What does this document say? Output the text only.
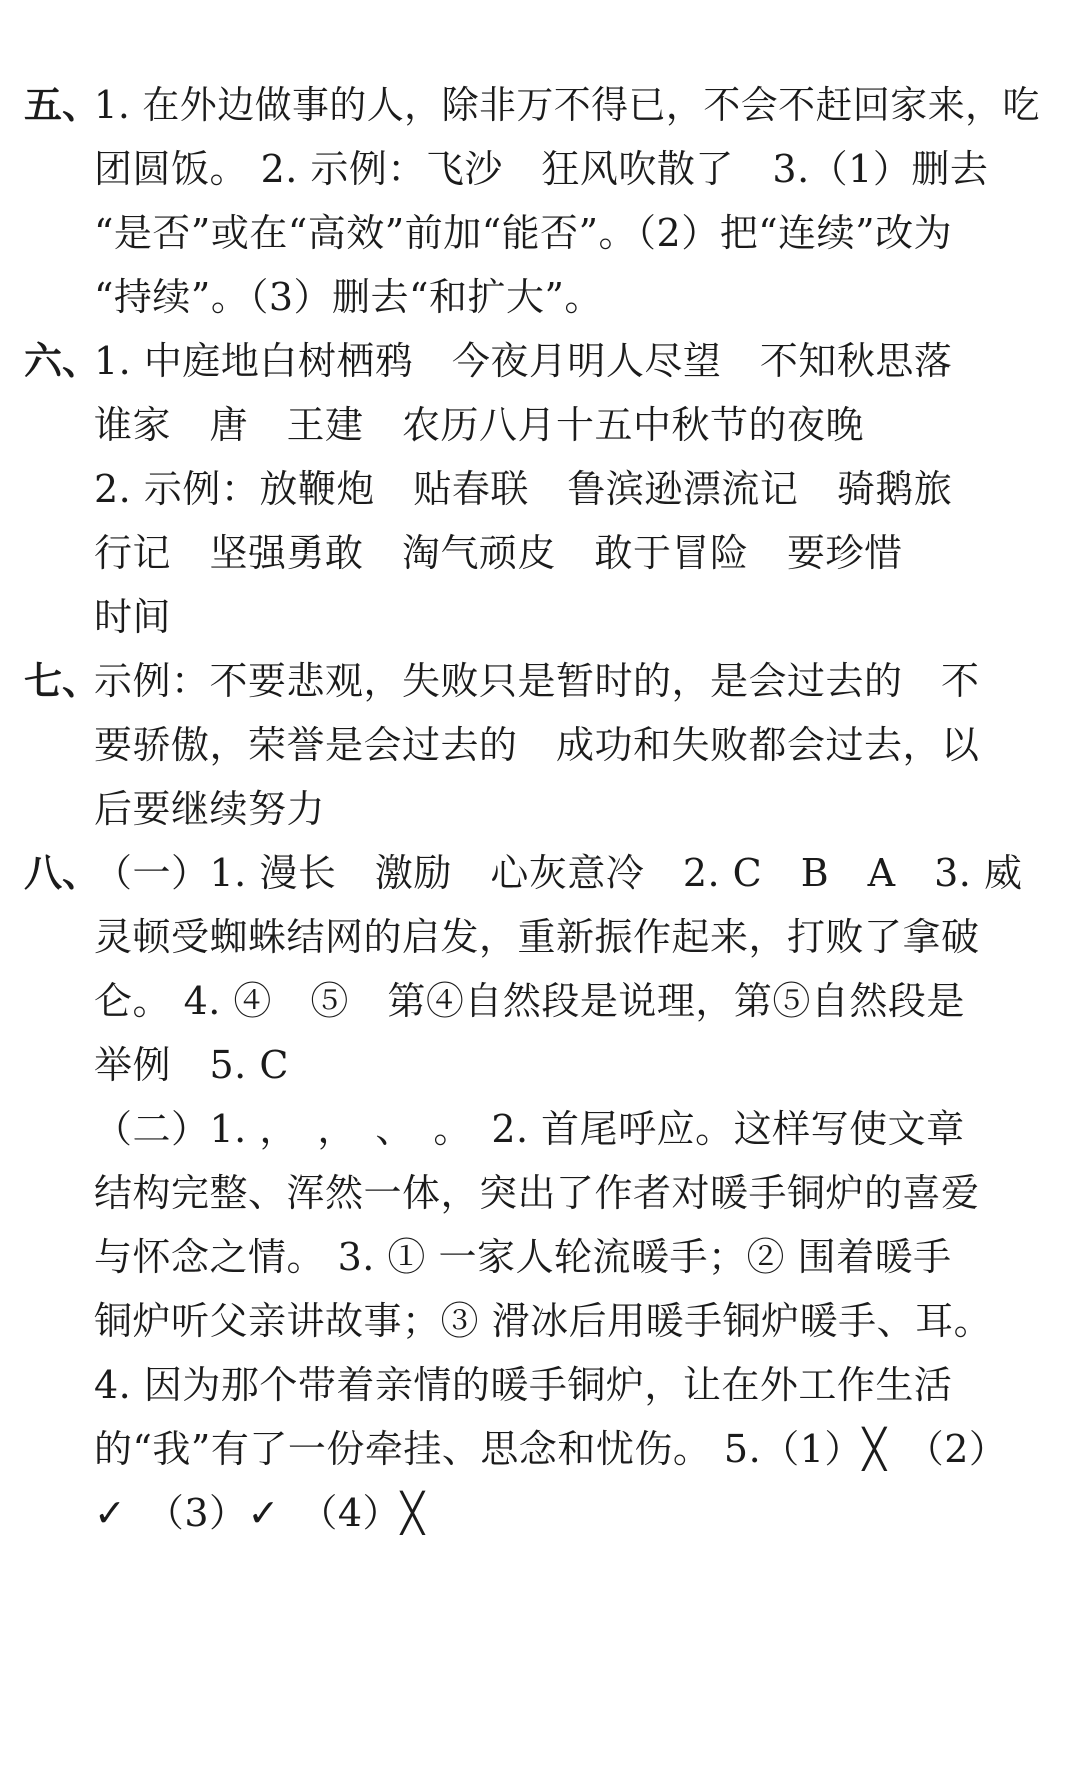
五、
1. 在外边做事的人，除非万不得已，不会不赶回家来，吃
团圆饭。 2. 示例：飞沙　狂风吹散了　3.（1）删去
“是否”或在“高效”前加“能否”。（2）把“连续”改为
“持续”。（3）删去“和扩大”。
六、
1. 中庭地白树栖鸦　今夜月明人尽望　不知秋思落
谁家　唐　王建　农历八月十五中秋节的夜晚
2. 示例：放鞭炮　贴春联　鲁滨逊漂流记　骑鹅旅
行记　坚强勇敢　淘气顽皮　敢于冒险　要珍惜
时间
七、
示例：不要悲观，失败只是暂时的，是会过去的　不
要骄傲，荣誉是会过去的　成功和失败都会过去，以
后要继续努力
八、
（一）1. 漫长　激励　心灰意冷　2. C　B　A　3. 威
灵顿受蜘蛛结网的启发，重新振作起来，打败了拿破
仑。 4. ④　⑤　第④自然段是说理，第⑤自然段是
举例　5. C
（二）1. ，　，　、　。　2. 首尾呼应。这样写使文章
结构完整、浑然一体，突出了作者对暖手铜炉的喜爱
与怀念之情。 3. ① 一家人轮流暖手；② 围着暖手
铜炉听父亲讲故事；③ 滑冰后用暖手铜炉暖手、耳。
4. 因为那个带着亲情的暖手铜炉，让在外工作生活
的“我”有了一份牵挂、思念和忧伤。 5.（1）╳　（2）
✓　（3）✓　（4）╳
